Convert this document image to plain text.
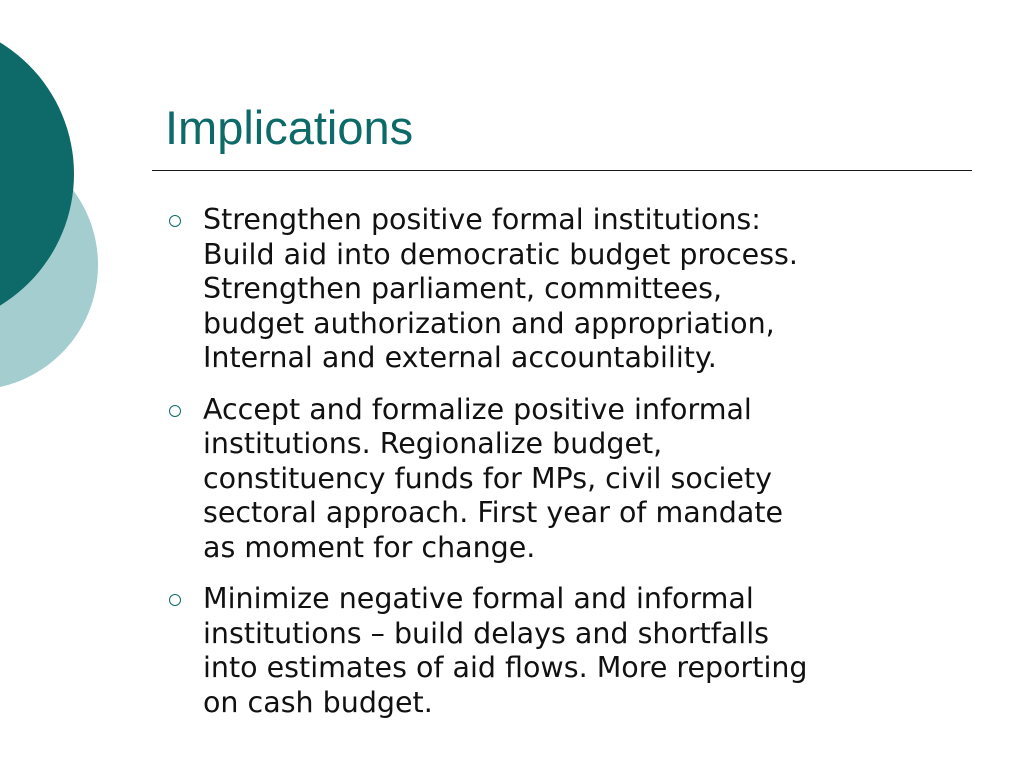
Implications
Strengthen positive formal institutions:
Build aid into democratic budget process.
Strengthen parliament, committees,
budget authorization and appropriation,
Internal and external accountability.
Accept and formalize positive informal
institutions. Regionalize budget,
constituency funds for MPs, civil society
sectoral approach. First year of mandate
as moment for change.
Minimize negative formal and informal
institutions – build delays and shortfalls
into estimates of aid flows. More reporting
on cash budget.
